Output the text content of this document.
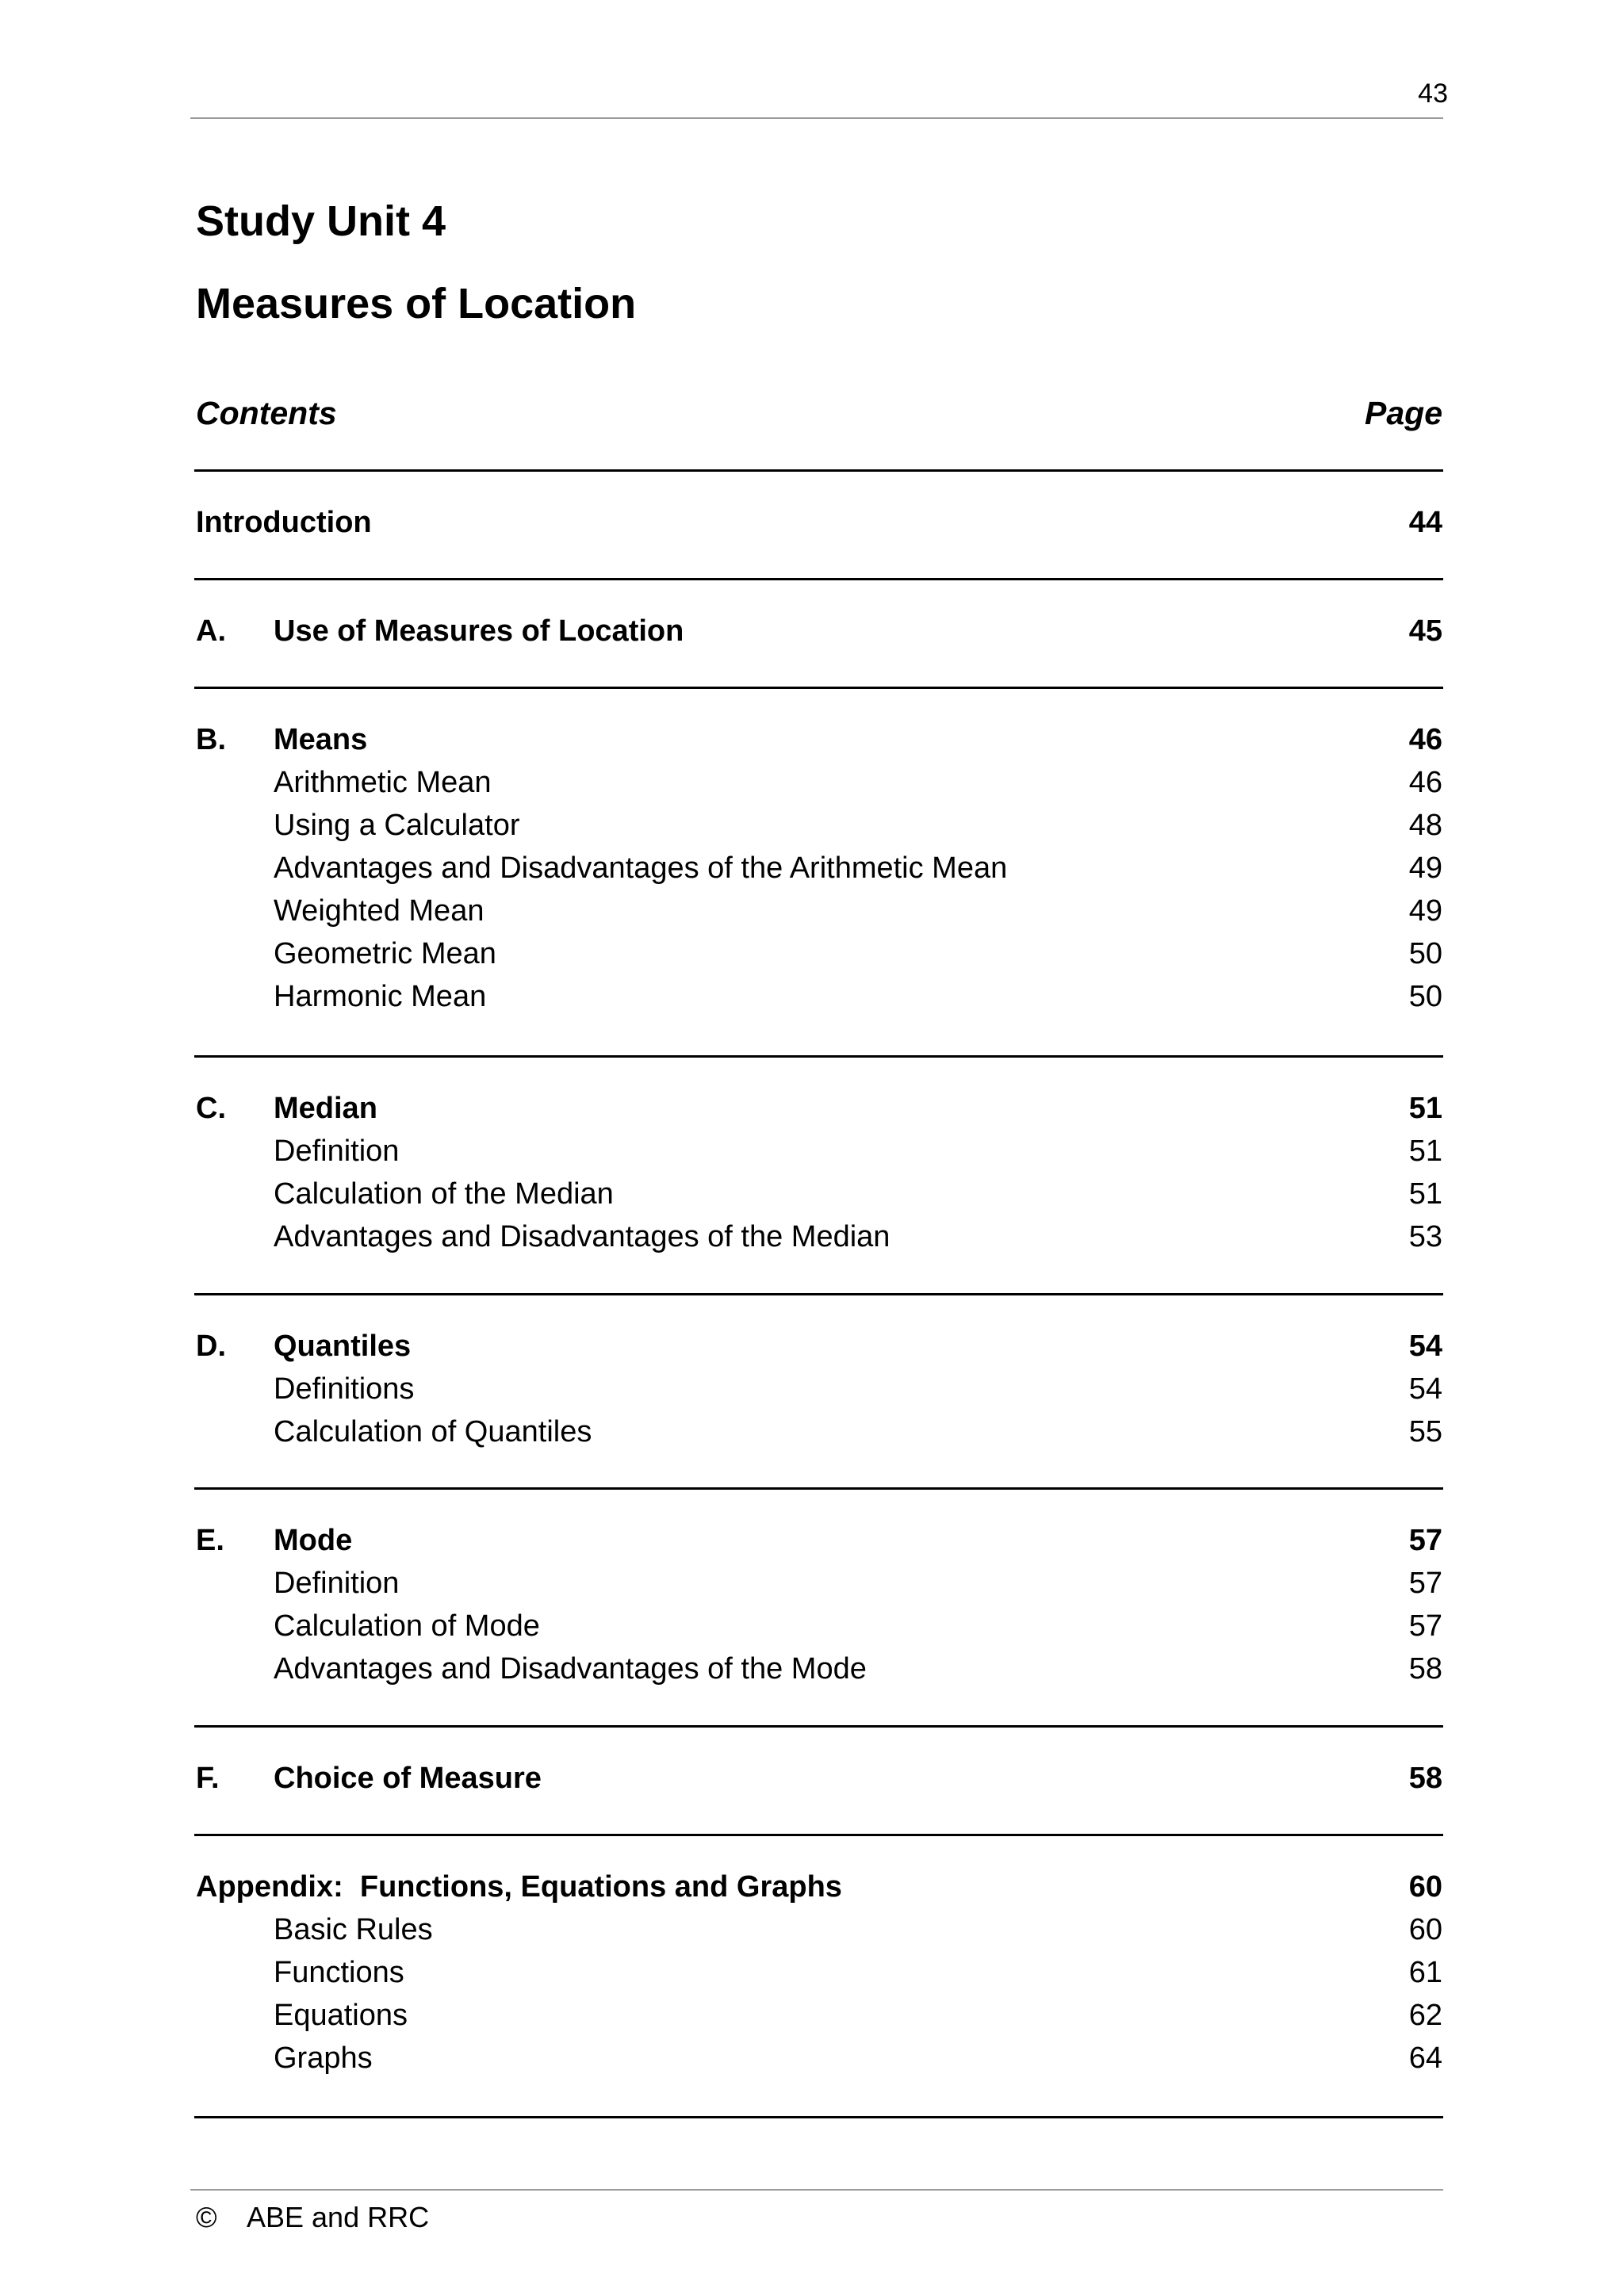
43
Study Unit 4
Measures of Location
Contents	Page
Introduction	44
A. Use of Measures of Location	45
B. Means	46
Arithmetic Mean	46
Using a Calculator	48
Advantages and Disadvantages of the Arithmetic Mean	49
Weighted Mean	49
Geometric Mean	50
Harmonic Mean	50
C. Median	51
Definition	51
Calculation of the Median	51
Advantages and Disadvantages of the Median	53
D. Quantiles	54
Definitions	54
Calculation of Quantiles	55
E. Mode	57
Definition	57
Calculation of Mode	57
Advantages and Disadvantages of the Mode	58
F. Choice of Measure	58
Appendix:  Functions, Equations and Graphs	60
Basic Rules	60
Functions	61
Equations	62
Graphs	64
© ABE and RRC
